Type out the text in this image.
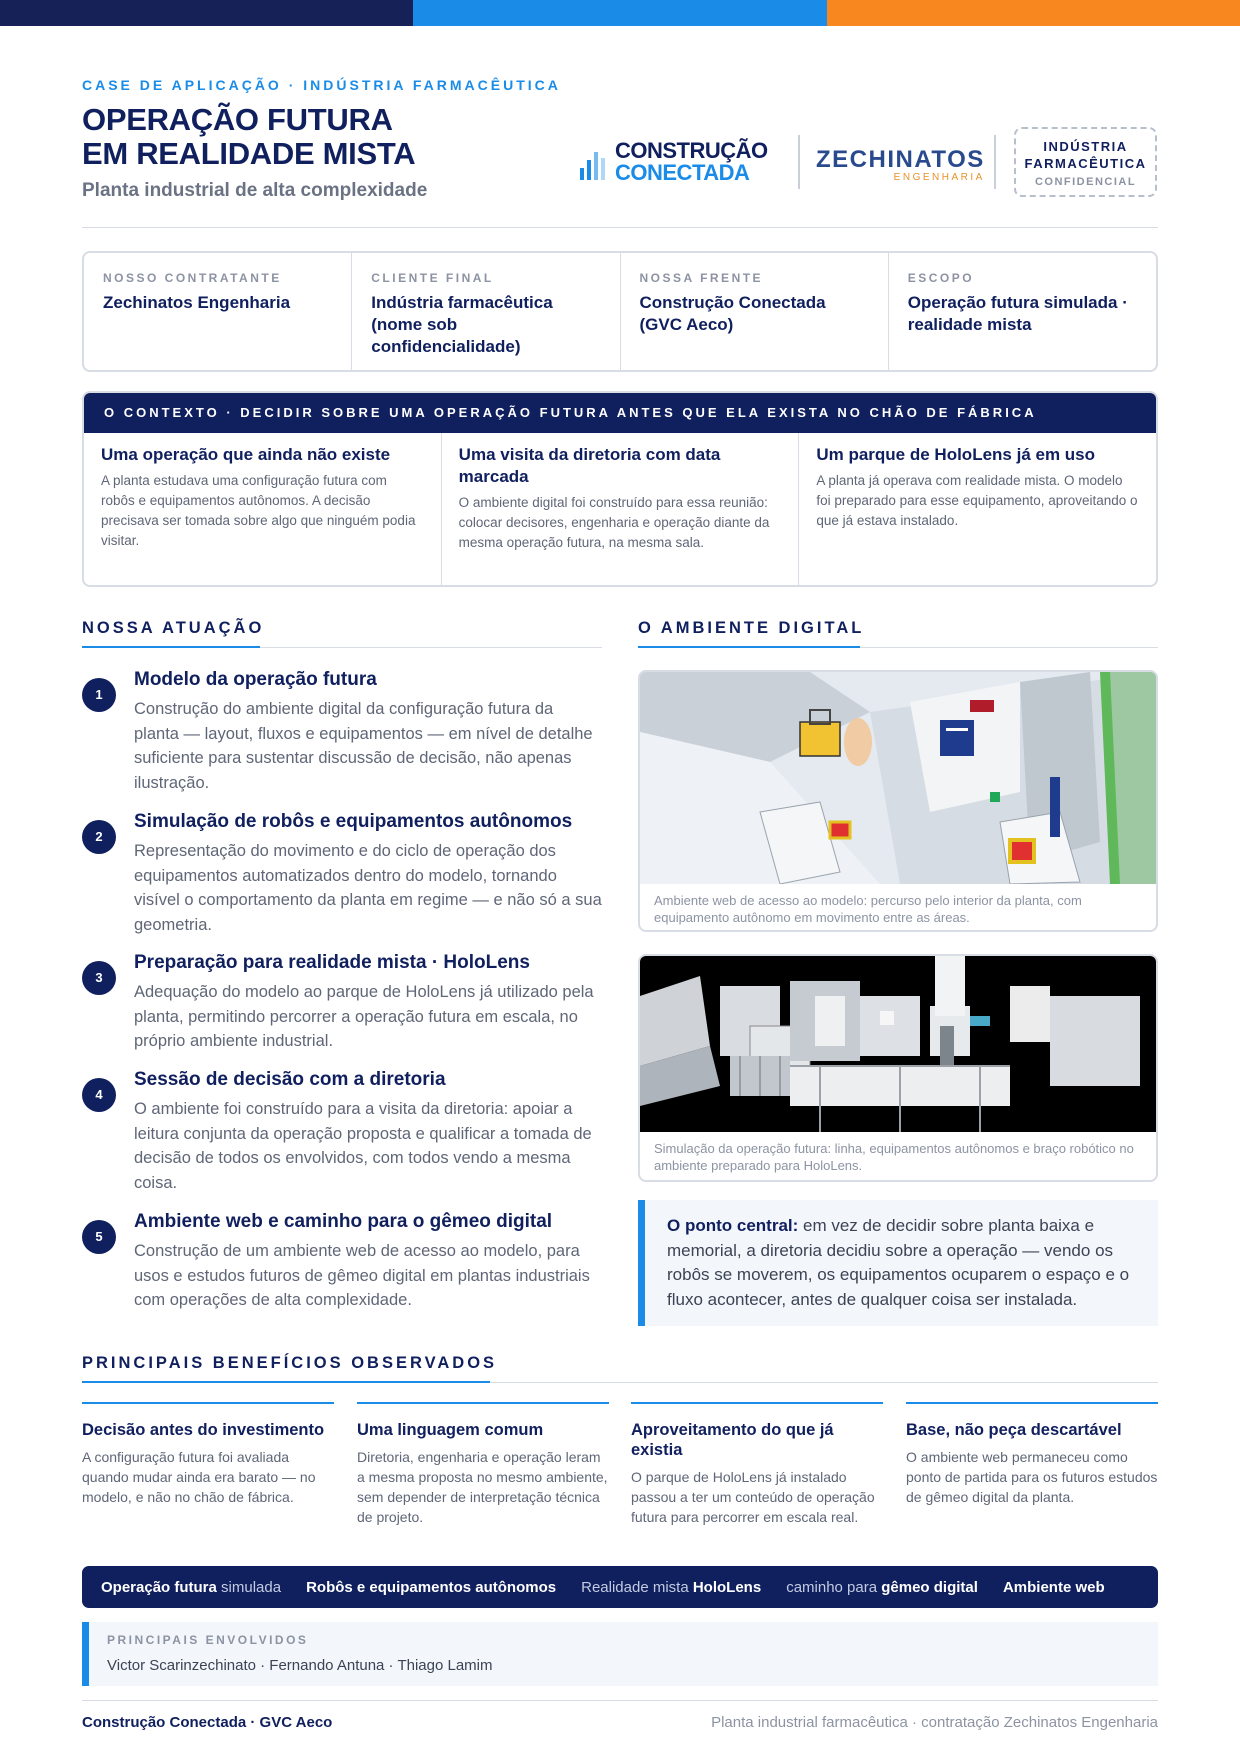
CASE DE APLICAÇÃO · INDÚSTRIA FARMACÊUTICA
OPERAÇÃO FUTURA
EM REALIDADE MISTA
Planta industrial de alta complexidade
CONSTRUÇÃO
CONECTADA	ZECHINATOS
ENGENHARIA
INDÚSTRIA
FARMACÊUTICA
CONFIDENCIAL
NOSSO CONTRATANTE
Zechinatos Engenharia
CLIENTE FINAL
Indústria farmacêutica (nome sob confidencialidade)
NOSSA FRENTE
Construção Conectada (GVC Aeco)
ESCOPO
Operação futura simulada · realidade mista
O CONTEXTO · DECIDIR SOBRE UMA OPERAÇÃO FUTURA ANTES QUE ELA EXISTA NO CHÃO DE FÁBRICA
Uma operação que ainda não existe

A planta estudava uma configuração futura com robôs e equipamentos autônomos. A decisão precisava ser tomada sobre algo que ninguém podia visitar.

Uma visita da diretoria com data marcada

O ambiente digital foi construído para essa reunião: colocar decisores, engenharia e operação diante da mesma operação futura, na mesma sala.

Um parque de HoloLens já em uso

A planta já operava com realidade mista. O modelo foi preparado para esse equipamento, aproveitando o que já estava instalado.

NOSSA ATUAÇÃO
1
Modelo da operação futura

Construção do ambiente digital da configuração futura da planta — layout, fluxos e equipamentos — em nível de detalhe suficiente para sustentar discussão de decisão, não apenas ilustração.

2
Simulação de robôs e equipamentos autônomos

Representação do movimento e do ciclo de operação dos equipamentos automatizados dentro do modelo, tornando visível o comportamento da planta em regime — e não só a sua geometria.

3
Preparação para realidade mista · HoloLens

Adequação do modelo ao parque de HoloLens já utilizado pela planta, permitindo percorrer a operação futura em escala, no próprio ambiente industrial.

4
Sessão de decisão com a diretoria

O ambiente foi construído para a visita da diretoria: apoiar a leitura conjunta da operação proposta e qualificar a tomada de decisão de todos os envolvidos, com todos vendo a mesma coisa.

5
Ambiente web e caminho para o gêmeo digital

Construção de um ambiente web de acesso ao modelo, para usos e estudos futuros de gêmeo digital em plantas industriais com operações de alta complexidade.

O AMBIENTE DIGITAL
Ambiente web de acesso ao modelo: percurso pelo interior da planta, com equipamento autônomo em movimento entre as áreas.
Simulação da operação futura: linha, equipamentos autônomos e braço robótico no ambiente preparado para HoloLens.
O ponto central: em vez de decidir sobre planta baixa e memorial, a diretoria decidiu sobre a operação — vendo os robôs se moverem, os equipamentos ocuparem o espaço e o fluxo acontecer, antes de qualquer coisa ser instalada.
PRINCIPAIS BENEFÍCIOS OBSERVADOS
Decisão antes do investimento

A configuração futura foi avaliada quando mudar ainda era barato — no modelo, e não no chão de fábrica.

Uma linguagem comum

Diretoria, engenharia e operação leram a mesma proposta no mesmo ambiente, sem depender de interpretação técnica de projeto.

Aproveitamento do que já existia

O parque de HoloLens já instalado passou a ter um conteúdo de operação futura para percorrer em escala real.

Base, não peça descartável

O ambiente web permaneceu como ponto de partida para os futuros estudos de gêmeo digital da planta.

Operação futura simulada Robôs e equipamentos autônomos Realidade mista HoloLens caminho para gêmeo digital Ambiente web
PRINCIPAIS ENVOLVIDOS
Victor Scarinzechinato · Fernando Antuna · Thiago Lamim
Construção Conectada · GVC Aeco	Planta industrial farmacêutica · contratação Zechinatos Engenharia
